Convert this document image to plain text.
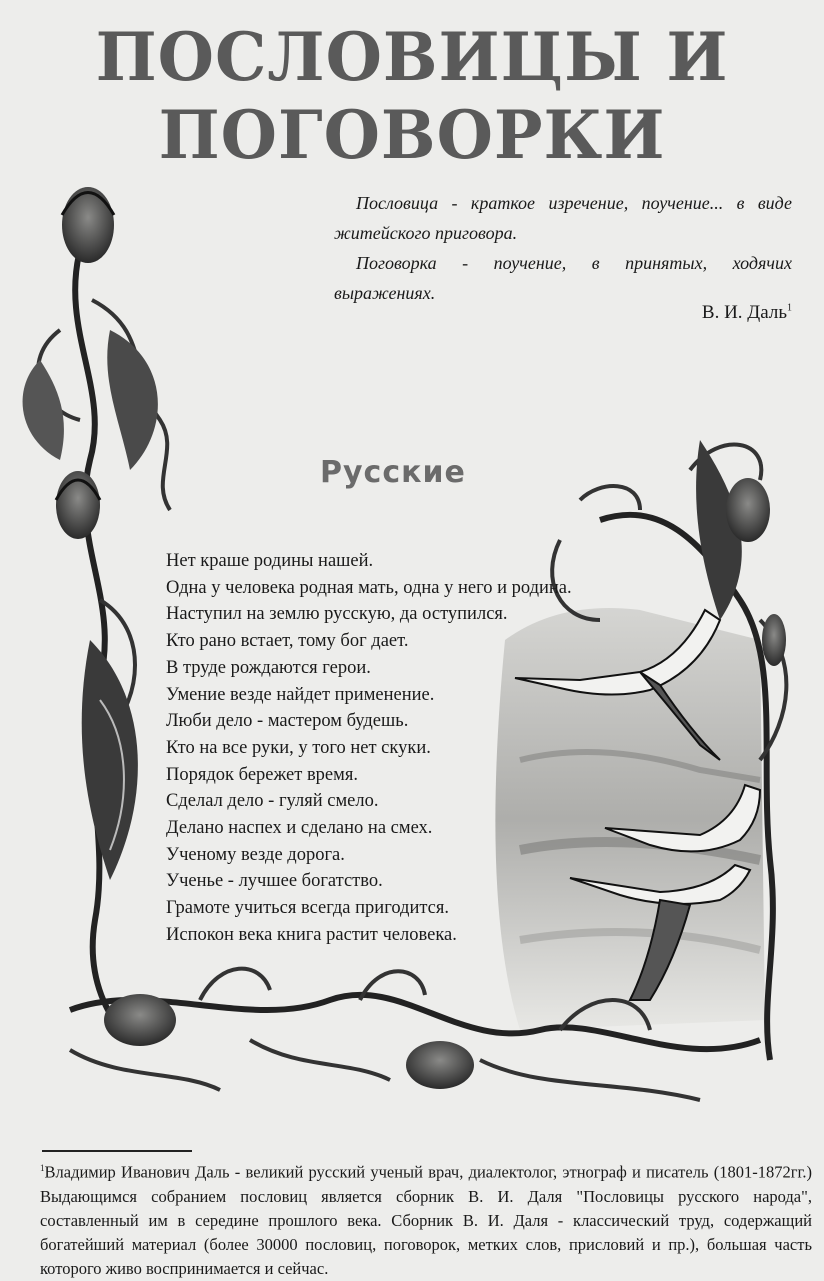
ПОСЛОВИЦЫ И ПОГОВОРКИ

Пословица - краткое изречение, поучение... в виде житейского приговора.

Поговорка - поучение, в принятых, ходячих выражениях.

В. И. Даль$^1$
Русские
Нет краше родины нашей.
Одна у человека родная мать, одна у него и родина.
Наступил на землю русскую, да оступился.
Кто рано встает, тому бог дает.
В труде рождаются герои.
Умение везде найдет применение.
Люби дело - мастером будешь.
Кто на все руки, у того нет скуки.
Порядок бережет время.
Сделал дело - гуляй смело.
Делано наспех и сделано на смех.
Ученому везде дорога.
Ученье - лучшее богатство.
Грамоте учиться всегда пригодится.
Испокон века книга растит человека.
$^1$Владимир Иванович Даль - великий русский ученый врач, диалектолог, этнограф и писатель (1801-1872гг.) Выдающимся собранием пословиц является сборник В. И. Даля "Пословицы русского народа", составленный им в середине прошлого века. Сборник В. И. Даля - классический труд, содержащий богатейший материал (более 30000 пословиц, поговорок, метких слов, присловий и пр.), большая часть которого живо воспринимается и сейчас.
